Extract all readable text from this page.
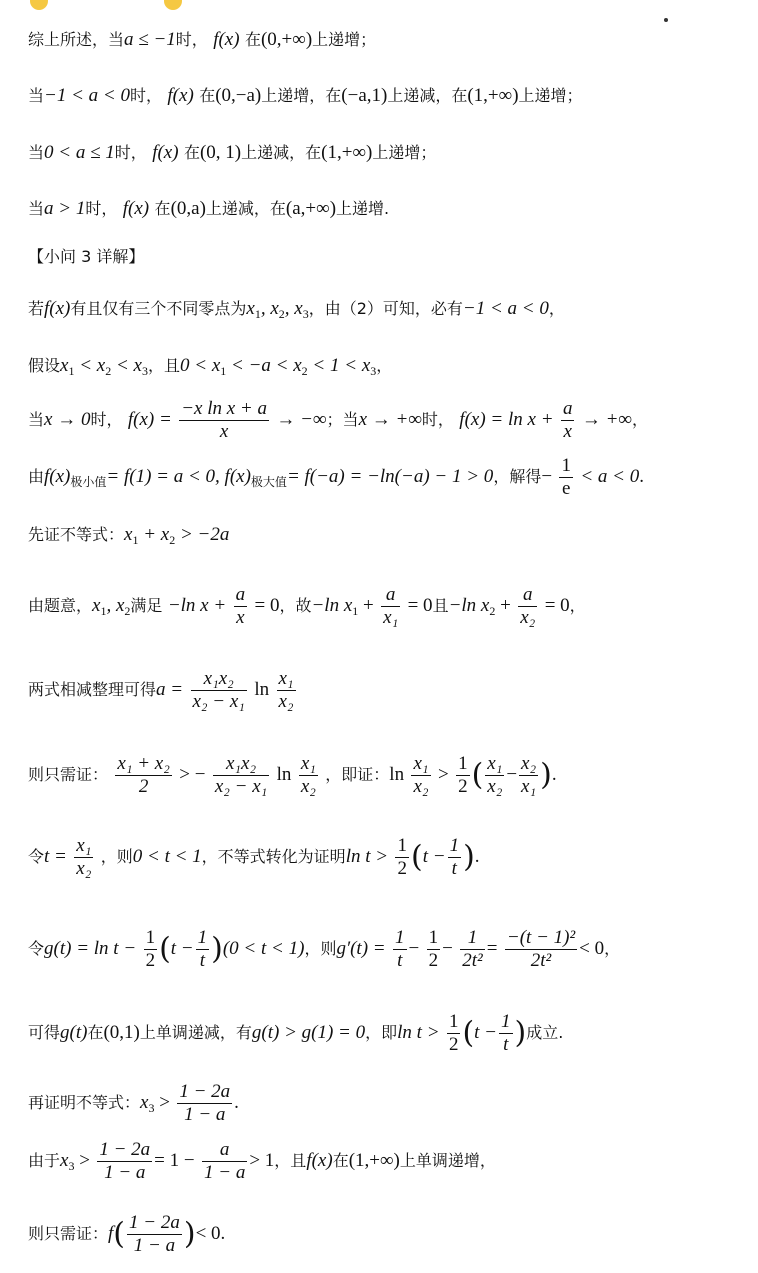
综上所述，当a ≤ −1时， f(x) 在(0,+∞)上递增；
当−1 < a < 0时， f(x) 在(0,−a)上递增，在(−a,1)上递减，在(1,+∞)上递增；
当0 < a ≤ 1时， f(x) 在(0, 1)上递减，在(1,+∞)上递增；
当a > 1时， f(x) 在(0,a)上递减，在(a,+∞)上递增.
【小问 3 详解】
若f(x)有且仅有三个不同零点为$x_1$, $x_2$, $x_3$，由（2）可知，必有−1 < a < 0，
假设$x_1 < x_2 < x_3$，且$0 < x_1 < -a < x_2 < 1 < x_3$，
当x → 0时， $f(x) = \frac{\text{−x ln x + a}}{x}$ → −∞；当x → +∞时， $f(x) = \ln x + \frac{a}{x}$ → +∞，
由$f(x)_{极小值}= f(1) = a < 0$, $f(x)_{极大值}= f(-a) = -\ln(-a) - 1 > 0$，解得− $\frac{1}{e} < a < 0$.
先证不等式：$x_1 + x_2 > -2a$
由题意，$x_1$, $x_2$满足 −ln $x + \frac{a}{x} = 0$，故−ln $x_1 + \frac{a}{\text{x₁}} = 0$且−ln $x_2 + \frac{a}{\text{x₂}} = 0$，
两式相减整理可得$a = \frac{\text{x₁x₂}}{\text{x₂ − x₁}}$ $\ln \frac{\text{x₁}}{\text{x₂}}$
则只需证： $\frac{\text{x₁ + x₂}}{2}$ > − $\frac{\text{x₁x₂}}{\text{x₂ − x₁}}$ $\ln \frac{\text{x₁}}{\text{x₂}}$ ，即证：$\ln \frac{\text{x₁}}{\text{x₂}} > \frac{1}{2}$ ( $\frac{\text{x₁}}{\text{x₂}} - \frac{\text{x₂}}{\text{x₁}}$ ).
令$t = \frac{\text{x₁}}{\text{x₂}}$ ，则0 < t < 1，不等式转化为证明$\ln t > \frac{1}{2} (t - \frac{1}{t}$ ).
令$g(t) = \ln t - \frac{1}{2} (t - \frac{1}{t} )(0 < t < 1)$，则$g'(t) = \frac{1}{t} - \frac{1}{2} - \frac{1}{\text{2t²}} = \frac{\text{−(t − 1)²}}{\text{2t²}} < 0$，
可得g(t)在(0,1)上单调递减，有g(t) > g(1) = 0，即$\ln t > \frac{1}{2} (t - \frac{1}{t}$ )成立.
再证明不等式：$x_3 > \frac{1 - 2a}{1 - a}$ .
由于$x_3 > \frac{1 - 2a}{1 - a} = 1 - \frac{a}{1 - a} > 1$，且f(x)在(1,+∞)上单调递增，
则只需证：$f( \frac{1 - 2a}{1 - a}$ )< 0.
